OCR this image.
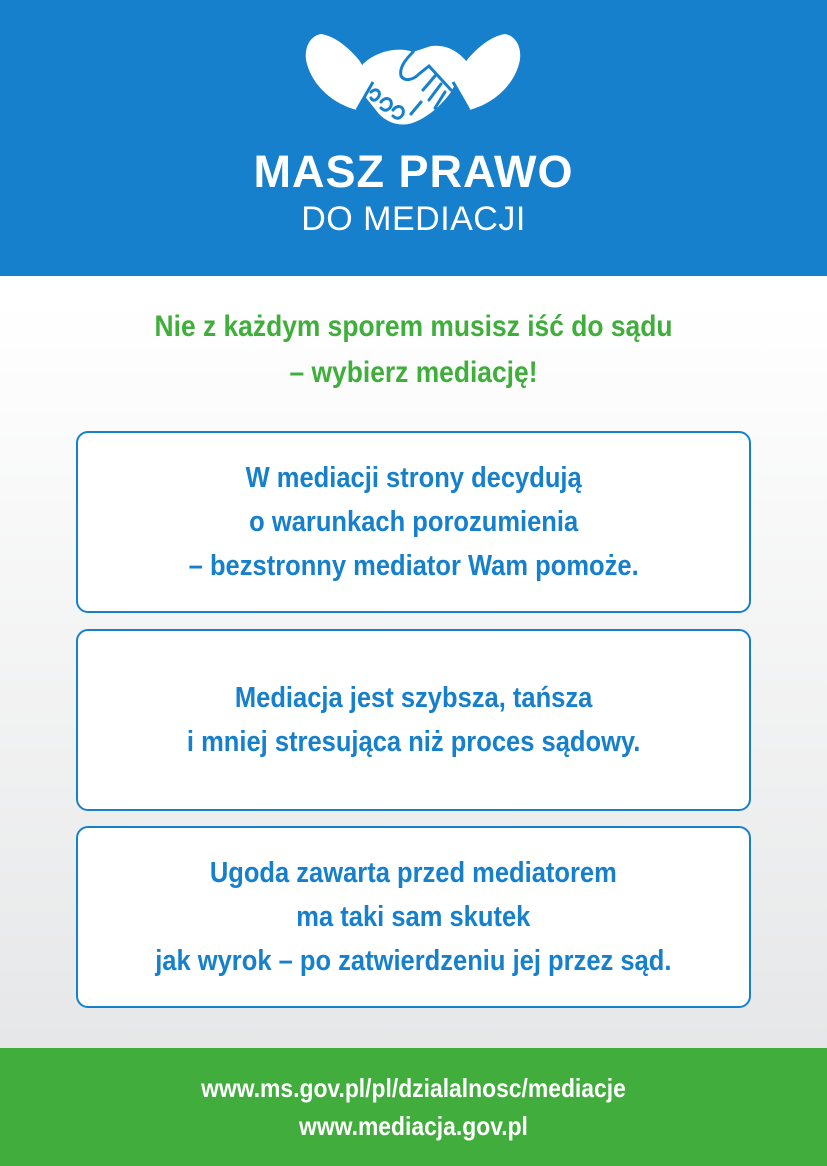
MASZ PRAWO
DO MEDIACJI
Nie z każdym sporem musisz iść do sądu
– wybierz mediację!
W mediacji strony decydują
o warunkach porozumienia
– bezstronny mediator Wam pomoże.
Mediacja jest szybsza, tańsza
i mniej stresująca niż proces sądowy.
Ugoda zawarta przed mediatorem
ma taki sam skutek
jak wyrok – po zatwierdzeniu jej przez sąd.
www.ms.gov.pl/pl/dzialalnosc/mediacje
www.mediacja.gov.pl
